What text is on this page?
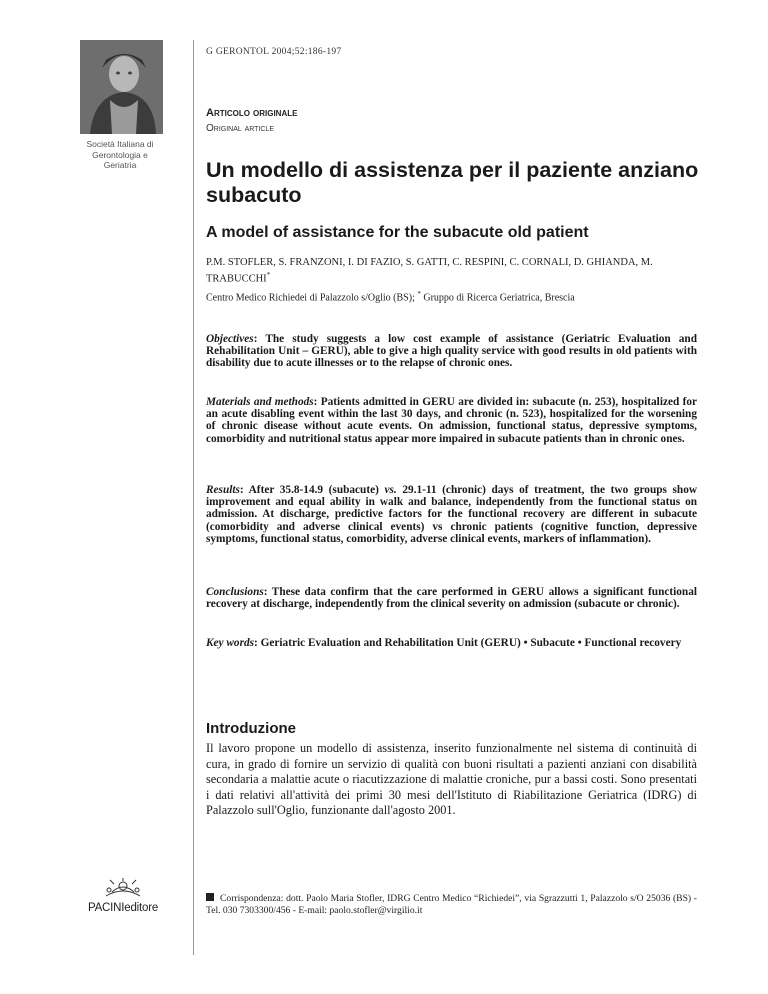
Società Italiana di
Gerontologia e
Geriatria
G GERONTOL 2004;52:186-197
Articolo originale
Original article
Un modello di assistenza per il paziente anziano subacuto
A model of assistance for the subacute old patient
P.M. STOFLER, S. FRANZONI, I. DI FAZIO, S. GATTI, C. RESPINI, C. CORNALI, D. GHIANDA, M. TRABUCCHI*
Centro Medico Richiedei di Palazzolo s/Oglio (BS); * Gruppo di Ricerca Geriatrica, Brescia
Objectives: The study suggests a low cost example of assistance (Geriatric Evaluation and Rehabilitation Unit – GERU), able to give a high quality service with good results in old patients with disability due to acute illnesses or to the relapse of chronic ones.
Materials and methods: Patients admitted in GERU are divided in: subacute (n. 253), hospitalized for an acute disabling event within the last 30 days, and chronic (n. 523), hospitalized for the worsening of chronic disease without acute events. On admission, functional status, depressive symptoms, comorbidity and nutritional status appear more impaired in subacute patients than in chronic ones.
Results: After 35.8-14.9 (subacute) vs. 29.1-11 (chronic) days of treatment, the two groups show improvement and equal ability in walk and balance, independently from the functional status on admission. At discharge, predictive factors for the functional recovery are different in subacute (comorbidity and adverse clinical events) vs chronic patients (cognitive function, depressive symptoms, functional status, comorbidity, adverse clinical events, markers of inflammation).
Conclusions: These data confirm that the care performed in GERU allows a significant functional recovery at discharge, independently from the clinical severity on admission (subacute or chronic).
Key words: Geriatric Evaluation and Rehabilitation Unit (GERU) • Subacute • Functional recovery
Introduzione
Il lavoro propone un modello di assistenza, inserito funzionalmente nel sistema di continuità di cura, in grado di fornire un servizio di qualità con buoni risultati a pazienti anziani con disabilità secondaria a malattie acute o riacutizzazione di malattie croniche, pur a bassi costi. Sono presentati i dati relativi all'attività dei primi 30 mesi dell'Istituto di Riabilitazione Geriatrica (IDRG) di Palazzolo sull'Oglio, funzionante dall'agosto 2001.
Corrispondenza: dott. Paolo Maria Stofler, IDRG Centro Medico “Richiedei”, via Sgrazzutti 1, Palazzolo s/O 25036 (BS) - Tel. 030 7303300/456 - E-mail: paolo.stofler@virgilio.it
PACINIeditore
